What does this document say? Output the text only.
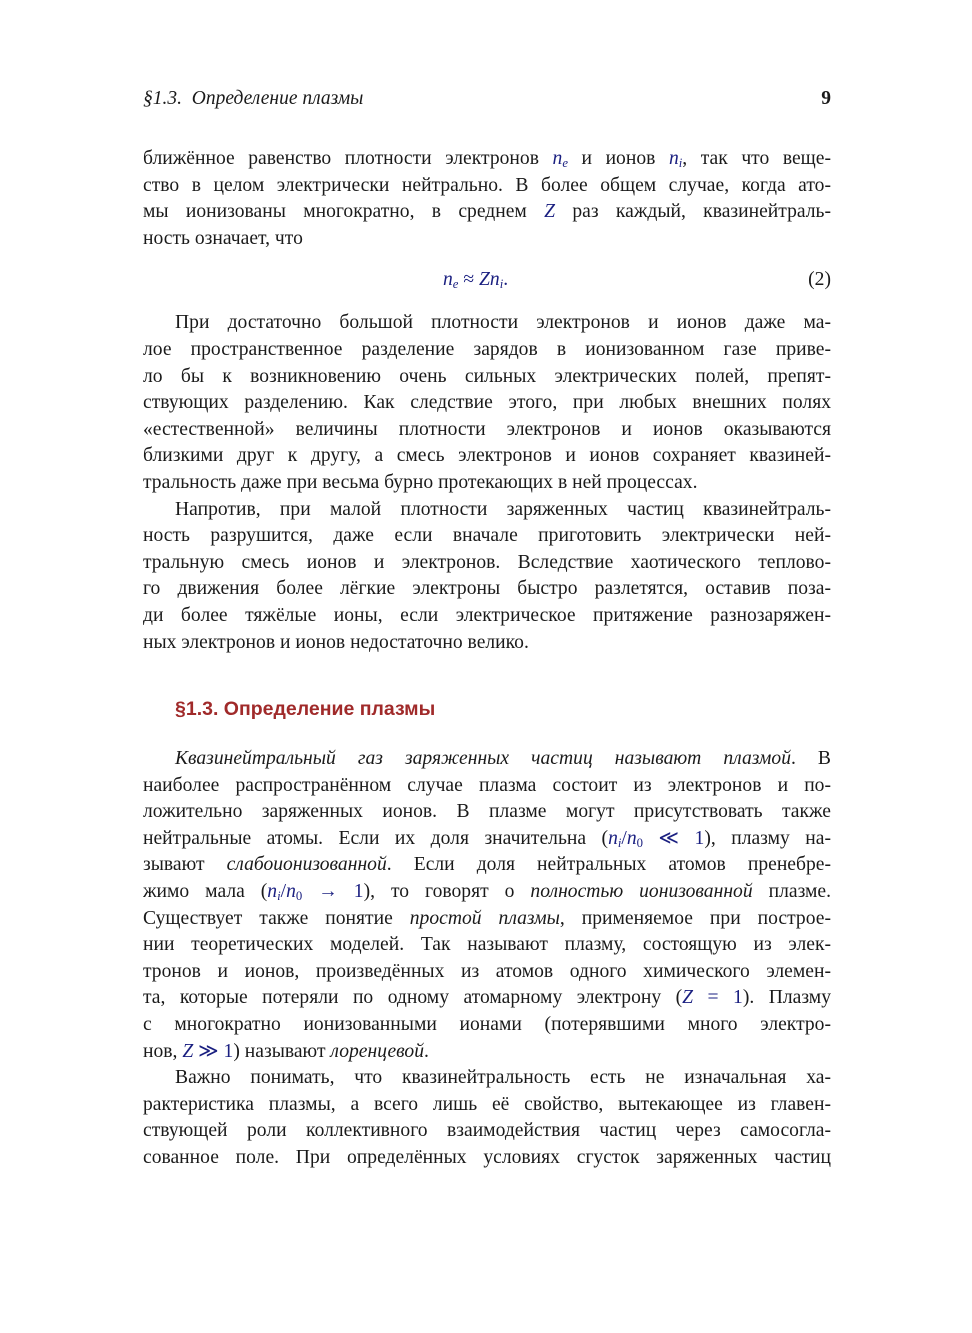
§1.3. Определение плазмы	9
ближённое равенство плотности электронов $n_e$ и ионов $n_i$, так что веще-
ство в целом электрически нейтрально. В более общем случае, когда ато-
мы ионизованы многократно, в среднем Z раз каждый, квазинейтраль-
ность означает, что
$n_e \approx Zn_i$.	(2)
При достаточно большой плотности электронов и ионов даже ма-
лое пространственное разделение зарядов в ионизованном газе приве-
ло бы к возникновению очень сильных электрических полей, препят-
ствующих разделению. Как следствие этого, при любых внешних полях
«естественной» величины плотности электронов и ионов оказываются
близкими друг к другу, а смесь электронов и ионов сохраняет квазиней-
тральность даже при весьма бурно протекающих в ней процессах.
Напротив, при малой плотности заряженных частиц квазинейтраль-
ность разрушится, даже если вначале приготовить электрически ней-
тральную смесь ионов и электронов. Вследствие хаотического теплово-
го движения более лёгкие электроны быстро разлетятся, оставив поза-
ди более тяжёлые ионы, если электрическое притяжение разнозаряжен-
ных электронов и ионов недостаточно велико.
§1.3. Определение плазмы
Квазинейтральный газ заряженных частиц называют плазмой. В
наиболее распространённом случае плазма состоит из электронов и по-
ложительно заряженных ионов. В плазме могут присутствовать также
нейтральные атомы. Если их доля значительна ($n_i/n_0$ ≪ 1), плазму на-
зывают слабоионизованной. Если доля нейтральных атомов пренебре-
жимо мала $(n_i/n_0 \to 1)$, то говорят о полностью ионизованной плазме.
Существует также понятие простой плазмы, применяемое при построе-
нии теоретических моделей. Так называют плазму, состоящую из элек-
тронов и ионов, произведённых из атомов одного химического элемен-
та, которые потеряли по одному атомарному электрону (Z = 1). Плазму
с многократно ионизованными ионами (потерявшими много электро-
нов, Z ≫ 1) называют лоренцевой.
Важно понимать, что квазинейтральность есть не изначальная ха-
рактеристика плазмы, а всего лишь её свойство, вытекающее из главен-
ствующей роли коллективного взаимодействия частиц через самосогла-
сованное поле. При определённых условиях сгусток заряженных частиц
